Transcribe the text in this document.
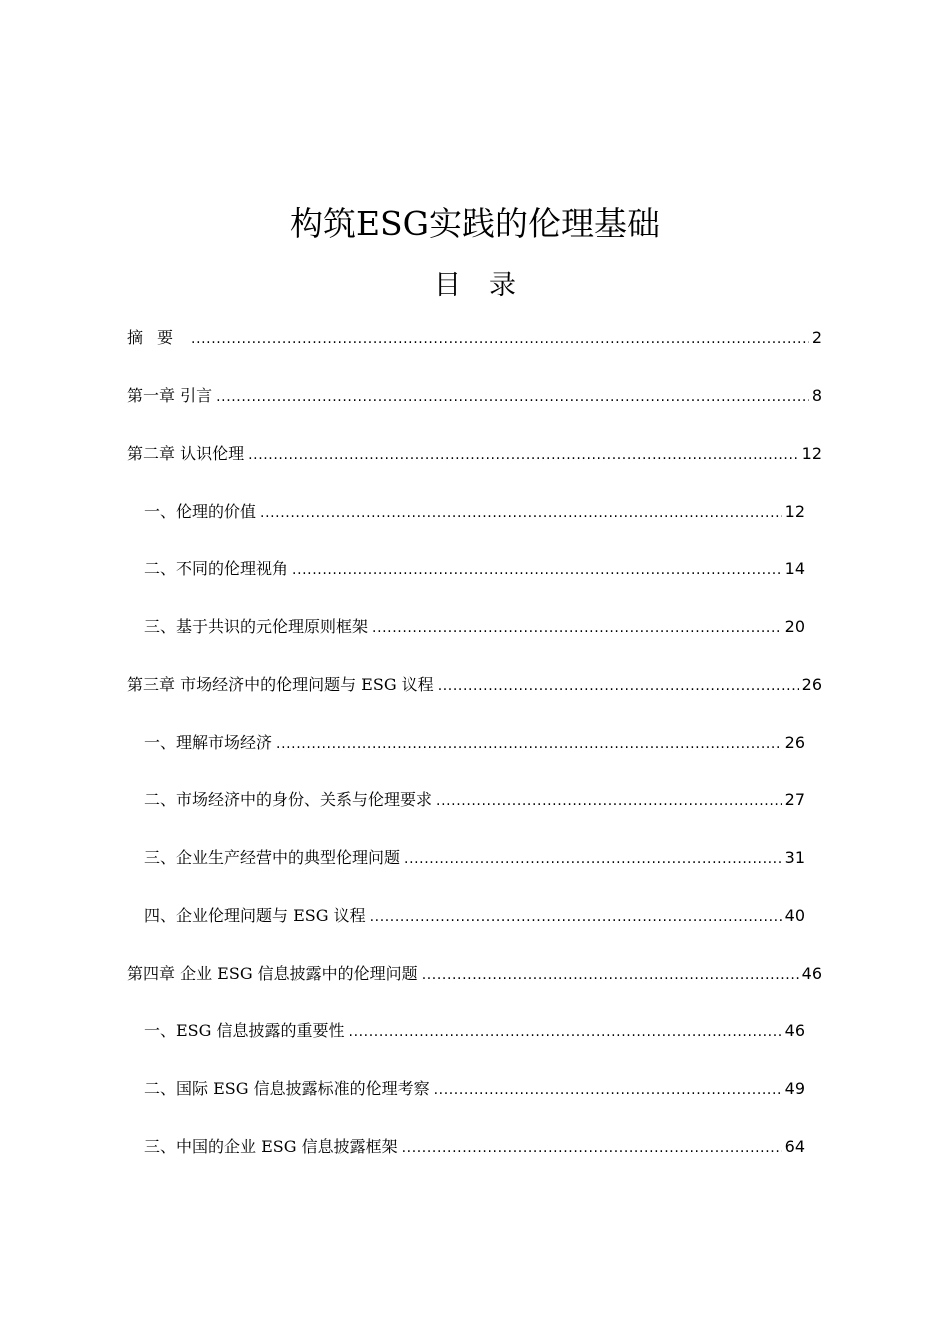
构筑ESG实践的伦理基础
目录
摘要 .....	2
第一章 引言 .....	8
第二章 认识伦理 .....	12
一、伦理的价值 .....	12
二、不同的伦理视角 .....	14
三、基于共识的元伦理原则框架 .....	20
第三章 市场经济中的伦理问题与 ESG 议程 .....	26
一、理解市场经济 .....	26
二、市场经济中的身份、关系与伦理要求 .....	27
三、企业生产经营中的典型伦理问题 .....	31
四、企业伦理问题与 ESG 议程 .....	40
第四章 企业 ESG 信息披露中的伦理问题 .....	46
一、ESG 信息披露的重要性 .....	46
二、国际 ESG 信息披露标准的伦理考察 .....	49
三、中国的企业 ESG 信息披露框架 .....	64
